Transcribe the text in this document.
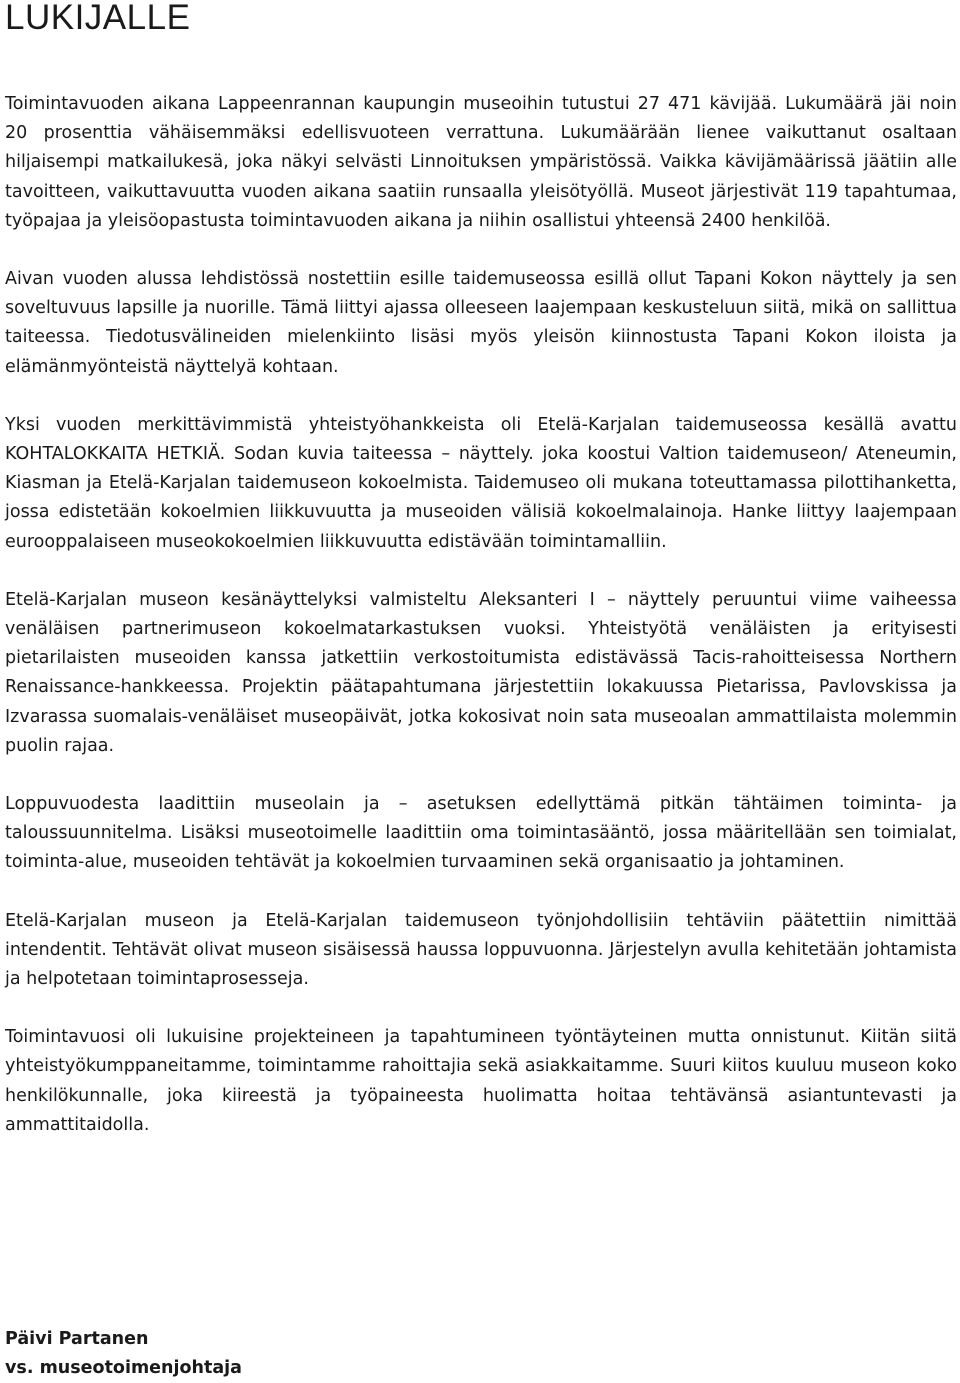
LUKIJALLE

Toimintavuoden aikana Lappeenrannan kaupungin museoihin tutustui 27 471 kävijää. Lukumäärä jäi noin 20 prosenttia vähäisemmäksi edellisvuoteen verrattuna. Lukumäärään lienee vaikuttanut osaltaan hiljaisempi matkailukesä, joka näkyi selvästi Linnoituksen ympäristössä. Vaikka kävijämäärissä jäätiin alle tavoitteen, vaikuttavuutta vuoden aikana saatiin runsaalla yleisötyöllä. Museot järjestivät 119 tapahtumaa, työpajaa ja yleisöopastusta toimintavuoden aikana ja niihin osallistui yhteensä 2400 henkilöä.

Aivan vuoden alussa lehdistössä nostettiin esille taidemuseossa esillä ollut Tapani Kokon näyttely ja sen soveltuvuus lapsille ja nuorille. Tämä liittyi ajassa olleeseen laajempaan keskusteluun siitä, mikä on sallittua taiteessa. Tiedotusvälineiden mielenkiinto lisäsi myös yleisön kiinnostusta Tapani Kokon iloista ja elämänmyönteistä näyttelyä kohtaan.

Yksi vuoden merkittävimmistä yhteistyöhankkeista oli Etelä-Karjalan taidemuseossa kesällä avattu KOHTALOKKAITA HETKIÄ. Sodan kuvia taiteessa – näyttely. joka koostui Valtion taidemuseon/ Ateneumin, Kiasman ja Etelä-Karjalan taidemuseon kokoelmista. Taidemuseo oli mukana toteuttamassa pilottihanketta, jossa edistetään kokoelmien liikkuvuutta ja museoiden välisiä kokoelmalainoja. Hanke liittyy laajempaan eurooppalaiseen museokokoelmien liikkuvuutta edistävään toimintamalliin.

Etelä-Karjalan museon kesänäyttelyksi valmisteltu Aleksanteri I – näyttely peruuntui viime vaiheessa venäläisen partnerimuseon kokoelmatarkastuksen vuoksi. Yhteistyötä venäläisten ja erityisesti pietarilaisten museoiden kanssa jatkettiin verkostoitumista edistävässä Tacis-rahoitteisessa Northern Renaissance-hankkeessa. Projektin päätapahtumana järjestettiin lokakuussa Pietarissa, Pavlovskissa ja Izvarassa suomalais-venäläiset museopäivät, jotka kokosivat noin sata museoalan ammattilaista molemmin puolin rajaa.

Loppuvuodesta laadittiin museolain ja – asetuksen edellyttämä pitkän tähtäimen toiminta- ja taloussuunnitelma. Lisäksi museotoimelle laadittiin oma toimintasääntö, jossa määritellään sen toimialat, toiminta-alue, museoiden tehtävät ja kokoelmien turvaaminen sekä organisaatio ja johtaminen.

Etelä-Karjalan museon ja Etelä-Karjalan taidemuseon työnjohdollisiin tehtäviin päätettiin nimittää intendentit. Tehtävät olivat museon sisäisessä haussa loppuvuonna. Järjestelyn avulla kehitetään johtamista ja helpotetaan toimintaprosesseja.

Toimintavuosi oli lukuisine projekteineen ja tapahtumineen työntäyteinen mutta onnistunut. Kiitän siitä yhteistyökumppaneitamme, toimintamme rahoittajia sekä asiakkaitamme. Suuri kiitos kuuluu museon koko henkilökunnalle, joka kiireestä ja työpaineesta huolimatta hoitaa tehtävänsä asiantuntevasti ja ammattitaidolla.

Päivi Partanen

vs. museotoimenjohtaja
